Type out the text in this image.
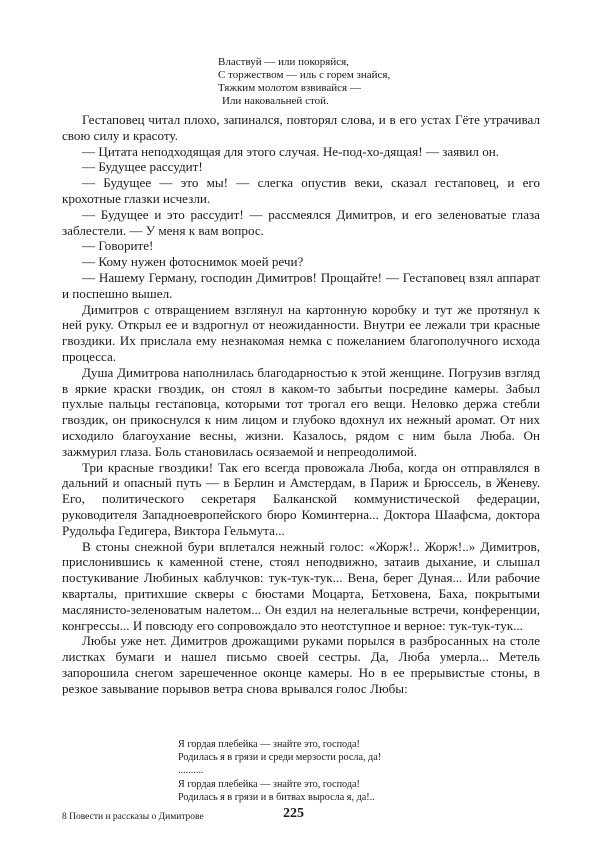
Властвуй — или покоряйся,
С торжеством — иль с горем знайся,
Тяжким молотом взвивайся —
Или наковальней стой.

Гестаповец читал плохо, запинался, повторял слова, и в его устах Гёте утрачивал свою силу и красоту.

— Цитата неподходящая для этого случая. Не-под-хо-дящая! — заявил он.

— Будущее рассудит!

— Будущее — это мы! — слегка опустив веки, сказал гестаповец, и его крохотные глазки исчезли.

— Будущее и это рассудит! — рассмеялся Димитров, и его зеленоватые глаза заблестели. — У меня к вам вопрос.

— Говорите!

— Кому нужен фотоснимок моей речи?

— Нашему Герману, господин Димитров! Прощайте! — Гестаповец взял аппарат и поспешно вышел.

Димитров с отвращением взглянул на картонную коробку и тут же протянул к ней руку. Открыл ее и вздрогнул от неожиданности. Внутри ее лежали три красные гвоздики. Их прислала ему незнакомая немка с пожеланием благополучного исхода процесса.

Душа Димитрова наполнилась благодарностью к этой женщине. Погрузив взгляд в яркие краски гвоздик, он стоял в каком-то забытьи посредине камеры. Забыл пухлые пальцы гестаповца, которыми тот трогал его вещи. Неловко держа стебли гвоздик, он прикоснулся к ним лицом и глубоко вдохнул их нежный аромат. От них исходило благоухание весны, жизни. Казалось, рядом с ним была Люба. Он зажмурил глаза. Боль становилась осязаемой и непреодолимой.

Три красные гвоздики! Так его всегда провожала Люба, когда он отправлялся в дальний и опасный путь — в Берлин и Амстердам, в Париж и Брюссель, в Женеву. Его, политического секретаря Балканской коммунистической федерации, руководителя Западноевропейского бюро Коминтерна... Доктора Шаафсма, доктора Рудольфа Гедигера, Виктора Гельмута...

В стоны снежной бури вплетался нежный голос: «Жорж!.. Жорж!..» Димитров, прислонившись к каменной стене, стоял неподвижно, затаив дыхание, и слышал постукивание Любиных каблучков: тук-тук-тук... Вена, берег Дуная... Или рабочие кварталы, притихшие скверы с бюстами Моцарта, Бетховена, Баха, покрытыми маслянисто-зеленоватым налетом... Он ездил на нелегальные встречи, конференции, конгрессы... И повсюду его сопровождало это неотступное и верное: тук-тук-тук...

Любы уже нет. Димитров дрожащими руками порылся в разбросанных на столе листках бумаги и нашел письмо своей сестры. Да, Люба умерла... Метель запорошила снегом зарешеченное оконце камеры. Но в ее прерывистые стоны, в резкое завывание порывов ветра снова врывался голос Любы:

Я гордая плебейка — знайте это, господа!
Родилась я в грязи и среди мерзости росла, да!
..........
Я гордая плебейка — знайте это, господа!
Родилась я в грязи и в битвах выросла я, да!..
8 Повести и рассказы о Димитрове	225
